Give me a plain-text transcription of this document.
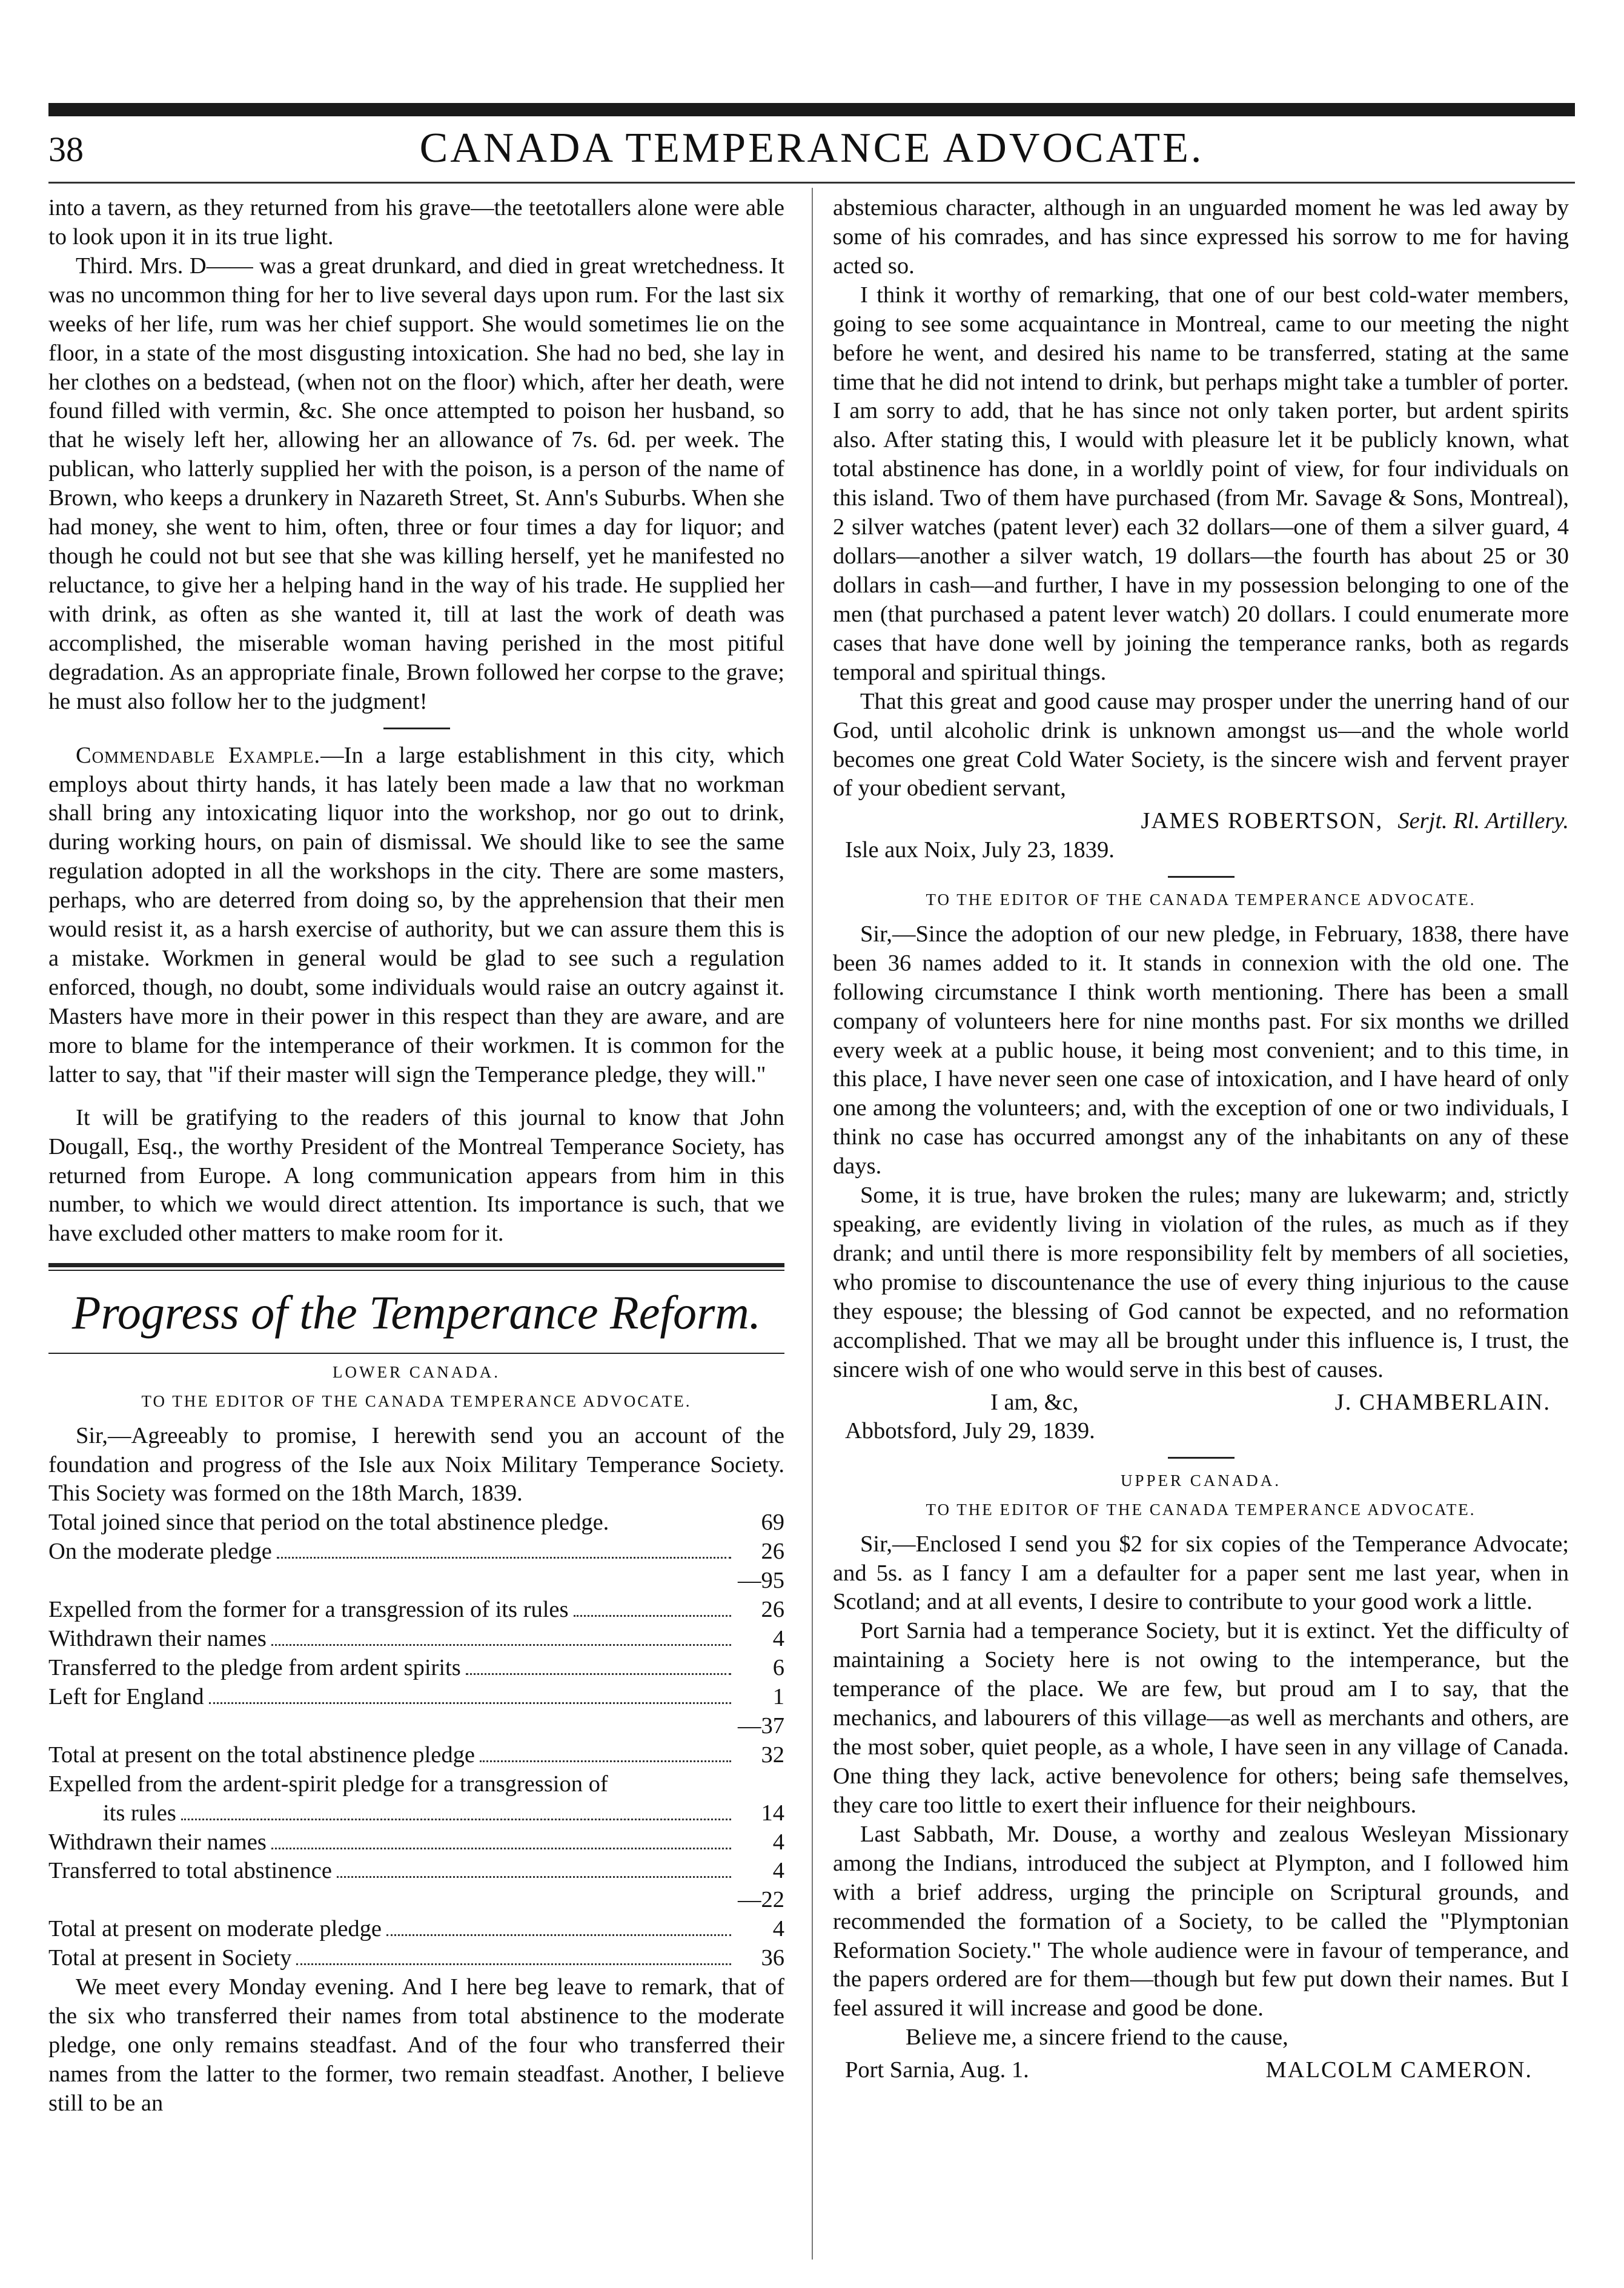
38	CANADA TEMPERANCE ADVOCATE.

into a tavern, as they returned from his grave—the teetotallers alone were able to look upon it in its true light.

Third. Mrs. D—— was a great drunkard, and died in great wretchedness. It was no uncommon thing for her to live several days upon rum. For the last six weeks of her life, rum was her chief support. She would sometimes lie on the floor, in a state of the most disgusting intoxication. She had no bed, she lay in her clothes on a bedstead, (when not on the floor) which, after her death, were found filled with vermin, &c. She once attempted to poison her husband, so that he wisely left her, allowing her an allowance of 7s. 6d. per week. The publican, who latterly supplied her with the poison, is a person of the name of Brown, who keeps a drunkery in Nazareth Street, St. Ann's Suburbs. When she had money, she went to him, often, three or four times a day for liquor; and though he could not but see that she was killing herself, yet he manifested no reluctance, to give her a helping hand in the way of his trade. He supplied her with drink, as often as she wanted it, till at last the work of death was accomplished, the miserable woman having perished in the most pitiful degradation. As an appropriate finale, Brown followed her corpse to the grave; he must also follow her to the judgment!

Commendable Example.—In a large establishment in this city, which employs about thirty hands, it has lately been made a law that no workman shall bring any intoxicating liquor into the workshop, nor go out to drink, during working hours, on pain of dismissal. We should like to see the same regulation adopted in all the workshops in the city. There are some masters, perhaps, who are deterred from doing so, by the apprehension that their men would resist it, as a harsh exercise of authority, but we can assure them this is a mistake. Workmen in general would be glad to see such a regulation enforced, though, no doubt, some individuals would raise an outcry against it. Masters have more in their power in this respect than they are aware, and are more to blame for the intemperance of their workmen. It is common for the latter to say, that "if their master will sign the Temperance pledge, they will."

It will be gratifying to the readers of this journal to know that John Dougall, Esq., the worthy President of the Montreal Temperance Society, has returned from Europe. A long communication appears from him in this number, to which we would direct attention. Its importance is such, that we have excluded other matters to make room for it.

Progress of the Temperance Reform.
LOWER CANADA.
TO THE EDITOR OF THE CANADA TEMPERANCE ADVOCATE.

Sir,—Agreeably to promise, I herewith send you an account of the foundation and progress of the Isle aux Noix Military Temperance Society. This Society was formed on the 18th March, 1839.

Total joined since that period on the total abstinence pledge.	69
On the moderate pledge	26
—95
Expelled from the former for a transgression of its rules	26
Withdrawn their names	4
Transferred to the pledge from ardent spirits	6
Left for England	1
—37
Total at present on the total abstinence pledge	32
Expelled from the ardent-spirit pledge for a transgression of
its rules	14
Withdrawn their names	4
Transferred to total abstinence	4
—22
Total at present on moderate pledge	4
Total at present in Society	36

We meet every Monday evening. And I here beg leave to remark, that of the six who transferred their names from total abstinence to the moderate pledge, one only remains steadfast. And of the four who transferred their names from the latter to the former, two remain steadfast. Another, I believe still to be an

abstemious character, although in an unguarded moment he was led away by some of his comrades, and has since expressed his sorrow to me for having acted so.

I think it worthy of remarking, that one of our best cold-water members, going to see some acquaintance in Montreal, came to our meeting the night before he went, and desired his name to be transferred, stating at the same time that he did not intend to drink, but perhaps might take a tumbler of porter. I am sorry to add, that he has since not only taken porter, but ardent spirits also. After stating this, I would with pleasure let it be publicly known, what total abstinence has done, in a worldly point of view, for four individuals on this island. Two of them have purchased (from Mr. Savage & Sons, Montreal), 2 silver watches (patent lever) each 32 dollars—one of them a silver guard, 4 dollars—another a silver watch, 19 dollars—the fourth has about 25 or 30 dollars in cash—and further, I have in my possession belonging to one of the men (that purchased a patent lever watch) 20 dollars. I could enumerate more cases that have done well by joining the temperance ranks, both as regards temporal and spiritual things.

That this great and good cause may prosper under the unerring hand of our God, until alcoholic drink is unknown amongst us—and the whole world becomes one great Cold Water Society, is the sincere wish and fervent prayer of your obedient servant,

JAMES ROBERTSON, Serjt. Rl. Artillery.

Isle aux Noix, July 23, 1839.

TO THE EDITOR OF THE CANADA TEMPERANCE ADVOCATE.

Sir,—Since the adoption of our new pledge, in February, 1838, there have been 36 names added to it. It stands in connexion with the old one. The following circumstance I think worth mentioning. There has been a small company of volunteers here for nine months past. For six months we drilled every week at a public house, it being most convenient; and to this time, in this place, I have never seen one case of intoxication, and I have heard of only one among the volunteers; and, with the exception of one or two individuals, I think no case has occurred amongst any of the inhabitants on any of these days.

Some, it is true, have broken the rules; many are lukewarm; and, strictly speaking, are evidently living in violation of the rules, as much as if they drank; and until there is more responsibility felt by members of all societies, who promise to discountenance the use of every thing injurious to the cause they espouse; the blessing of God cannot be expected, and no reformation accomplished. That we may all be brought under this influence is, I trust, the sincere wish of one who would serve in this best of causes.

I am, &c,	J. CHAMBERLAIN.

Abbotsford, July 29, 1839.

UPPER CANADA.
TO THE EDITOR OF THE CANADA TEMPERANCE ADVOCATE.

Sir,—Enclosed I send you $2 for six copies of the Temperance Advocate; and 5s. as I fancy I am a defaulter for a paper sent me last year, when in Scotland; and at all events, I desire to contribute to your good work a little.

Port Sarnia had a temperance Society, but it is extinct. Yet the difficulty of maintaining a Society here is not owing to the intemperance, but the temperance of the place. We are few, but proud am I to say, that the mechanics, and labourers of this village—as well as merchants and others, are the most sober, quiet people, as a whole, I have seen in any village of Canada. One thing they lack, active benevolence for others; being safe themselves, they care too little to exert their influence for their neighbours.

Last Sabbath, Mr. Douse, a worthy and zealous Wesleyan Missionary among the Indians, introduced the subject at Plympton, and I followed him with a brief address, urging the principle on Scriptural grounds, and recommended the formation of a Society, to be called the "Plymptonian Reformation Society." The whole audience were in favour of temperance, and the papers ordered are for them—though but few put down their names. But I feel assured it will increase and good be done.

Believe me, a sincere friend to the cause,

Port Sarnia, Aug. 1.	MALCOLM CAMERON.
